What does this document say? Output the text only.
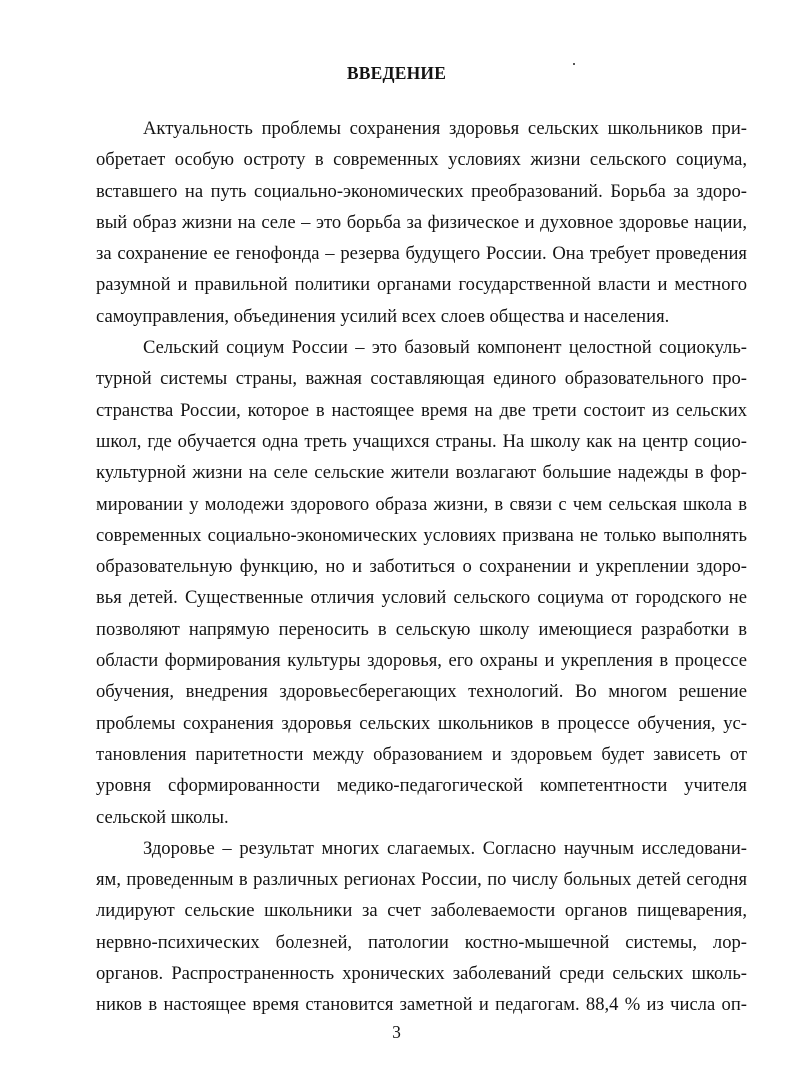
ВВЕДЕНИЕ
Актуальность проблемы сохранения здоровья сельских школьников при-
обретает особую остроту в современных условиях жизни сельского социума,
вставшего на путь социально-экономических преобразований. Борьба за здоро-
вый образ жизни на селе – это борьба за физическое и духовное здоровье нации,
за сохранение ее генофонда – резерва будущего России. Она требует проведения
разумной и правильной политики органами государственной власти и местного
самоуправления, объединения усилий всех слоев общества и населения.
Сельский социум России – это базовый компонент целостной социокуль-
турной системы страны, важная составляющая единого образовательного про-
странства России, которое в настоящее время на две трети состоит из сельских
школ, где обучается одна треть учащихся страны. На школу как на центр социо-
культурной жизни на селе сельские жители возлагают большие надежды в фор-
мировании у молодежи здорового образа жизни, в связи с чем сельская школа в
современных социально-экономических условиях призвана не только выполнять
образовательную функцию, но и заботиться о сохранении и укреплении здоро-
вья детей. Существенные отличия условий сельского социума от городского не
позволяют напрямую переносить в сельскую школу имеющиеся разработки в
области формирования культуры здоровья, его охраны и укрепления в процессе
обучения, внедрения здоровьесберегающих технологий. Во многом решение
проблемы сохранения здоровья сельских школьников в процессе обучения, ус-
тановления паритетности между образованием и здоровьем будет зависеть от
уровня сформированности медико-педагогической компетентности учителя
сельской школы.
Здоровье – результат многих слагаемых. Согласно научным исследовани-
ям, проведенным в различных регионах России, по числу больных детей сегодня
лидируют сельские школьники за счет заболеваемости органов пищеварения,
нервно-психических болезней, патологии костно-мышечной системы, лор-
органов. Распространенность хронических заболеваний среди сельских школь-
ников в настоящее время становится заметной и педагогам. 88,4 % из числа оп-
3
